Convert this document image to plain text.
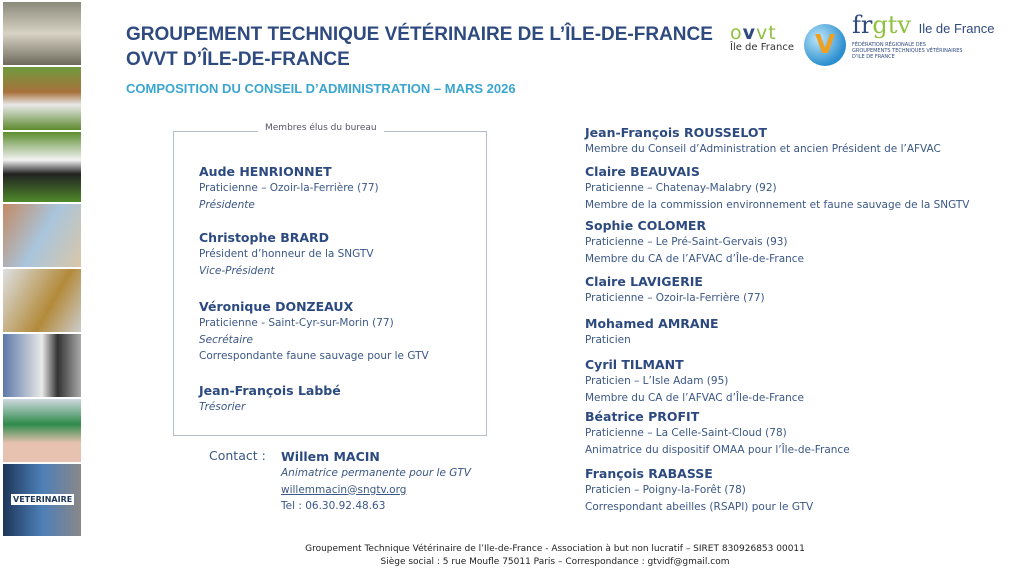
VETERINAIRE
GROUPEMENT TECHNIQUE VÉTÉRINAIRE DE L’ÎLE-DE-FRANCE
OVVT D’ÎLE-DE-FRANCE
COMPOSITION DU CONSEIL D’ADMINISTRATION – MARS 2026
ovvt
Île de France V
frgtv Ile de France
FÉDÉRATION RÉGIONALE DES
GROUPEMENTS TECHNIQUES VÉTÉRINAIRES
D'ILE DE FRANCE
Membres élus du bureau
Aude HENRIONNET
Praticienne – Ozoir-la-Ferrière (77)
Présidente
Christophe BRARD
Président d’honneur de la SNGTV
Vice-Président
Véronique DONZEAUX
Praticienne - Saint-Cyr-sur-Morin (77)
Secrétaire
Correspondante faune sauvage pour le GTV
Jean-François Labbé
Trésorier
Jean-François ROUSSELOT
Membre du Conseil d’Administration et ancien Président de l’AFVAC
Claire BEAUVAIS
Praticienne – Chatenay-Malabry (92)
Membre de la commission environnement et faune sauvage de la SNGTV
Sophie COLOMER
Praticienne – Le Pré-Saint-Gervais (93)
Membre du CA de l’AFVAC d’Île-de-France
Claire LAVIGERIE
Praticienne – Ozoir-la-Ferrière (77)
Mohamed AMRANE
Praticien
Cyril TILMANT
Praticien – L’Isle Adam (95)
Membre du CA de l’AFVAC d’Île-de-France
Béatrice PROFIT
Praticienne – La Celle-Saint-Cloud (78)
Animatrice du dispositif OMAA pour l’Île-de-France
François RABASSE
Praticien – Poigny-la-Forêt (78)
Correspondant abeilles (RSAPI) pour le GTV
Contact : Willem MACIN
Animatrice permanente pour le GTV
willemmacin@sngtv.org
Tel : 06.30.92.48.63
Groupement Technique Vétérinaire de l’Ile-de-France - Association à but non lucratif – SIRET 830926853 00011
Siège social : 5 rue Moufle 75011 Paris – Correspondance : gtvidf@gmail.com
